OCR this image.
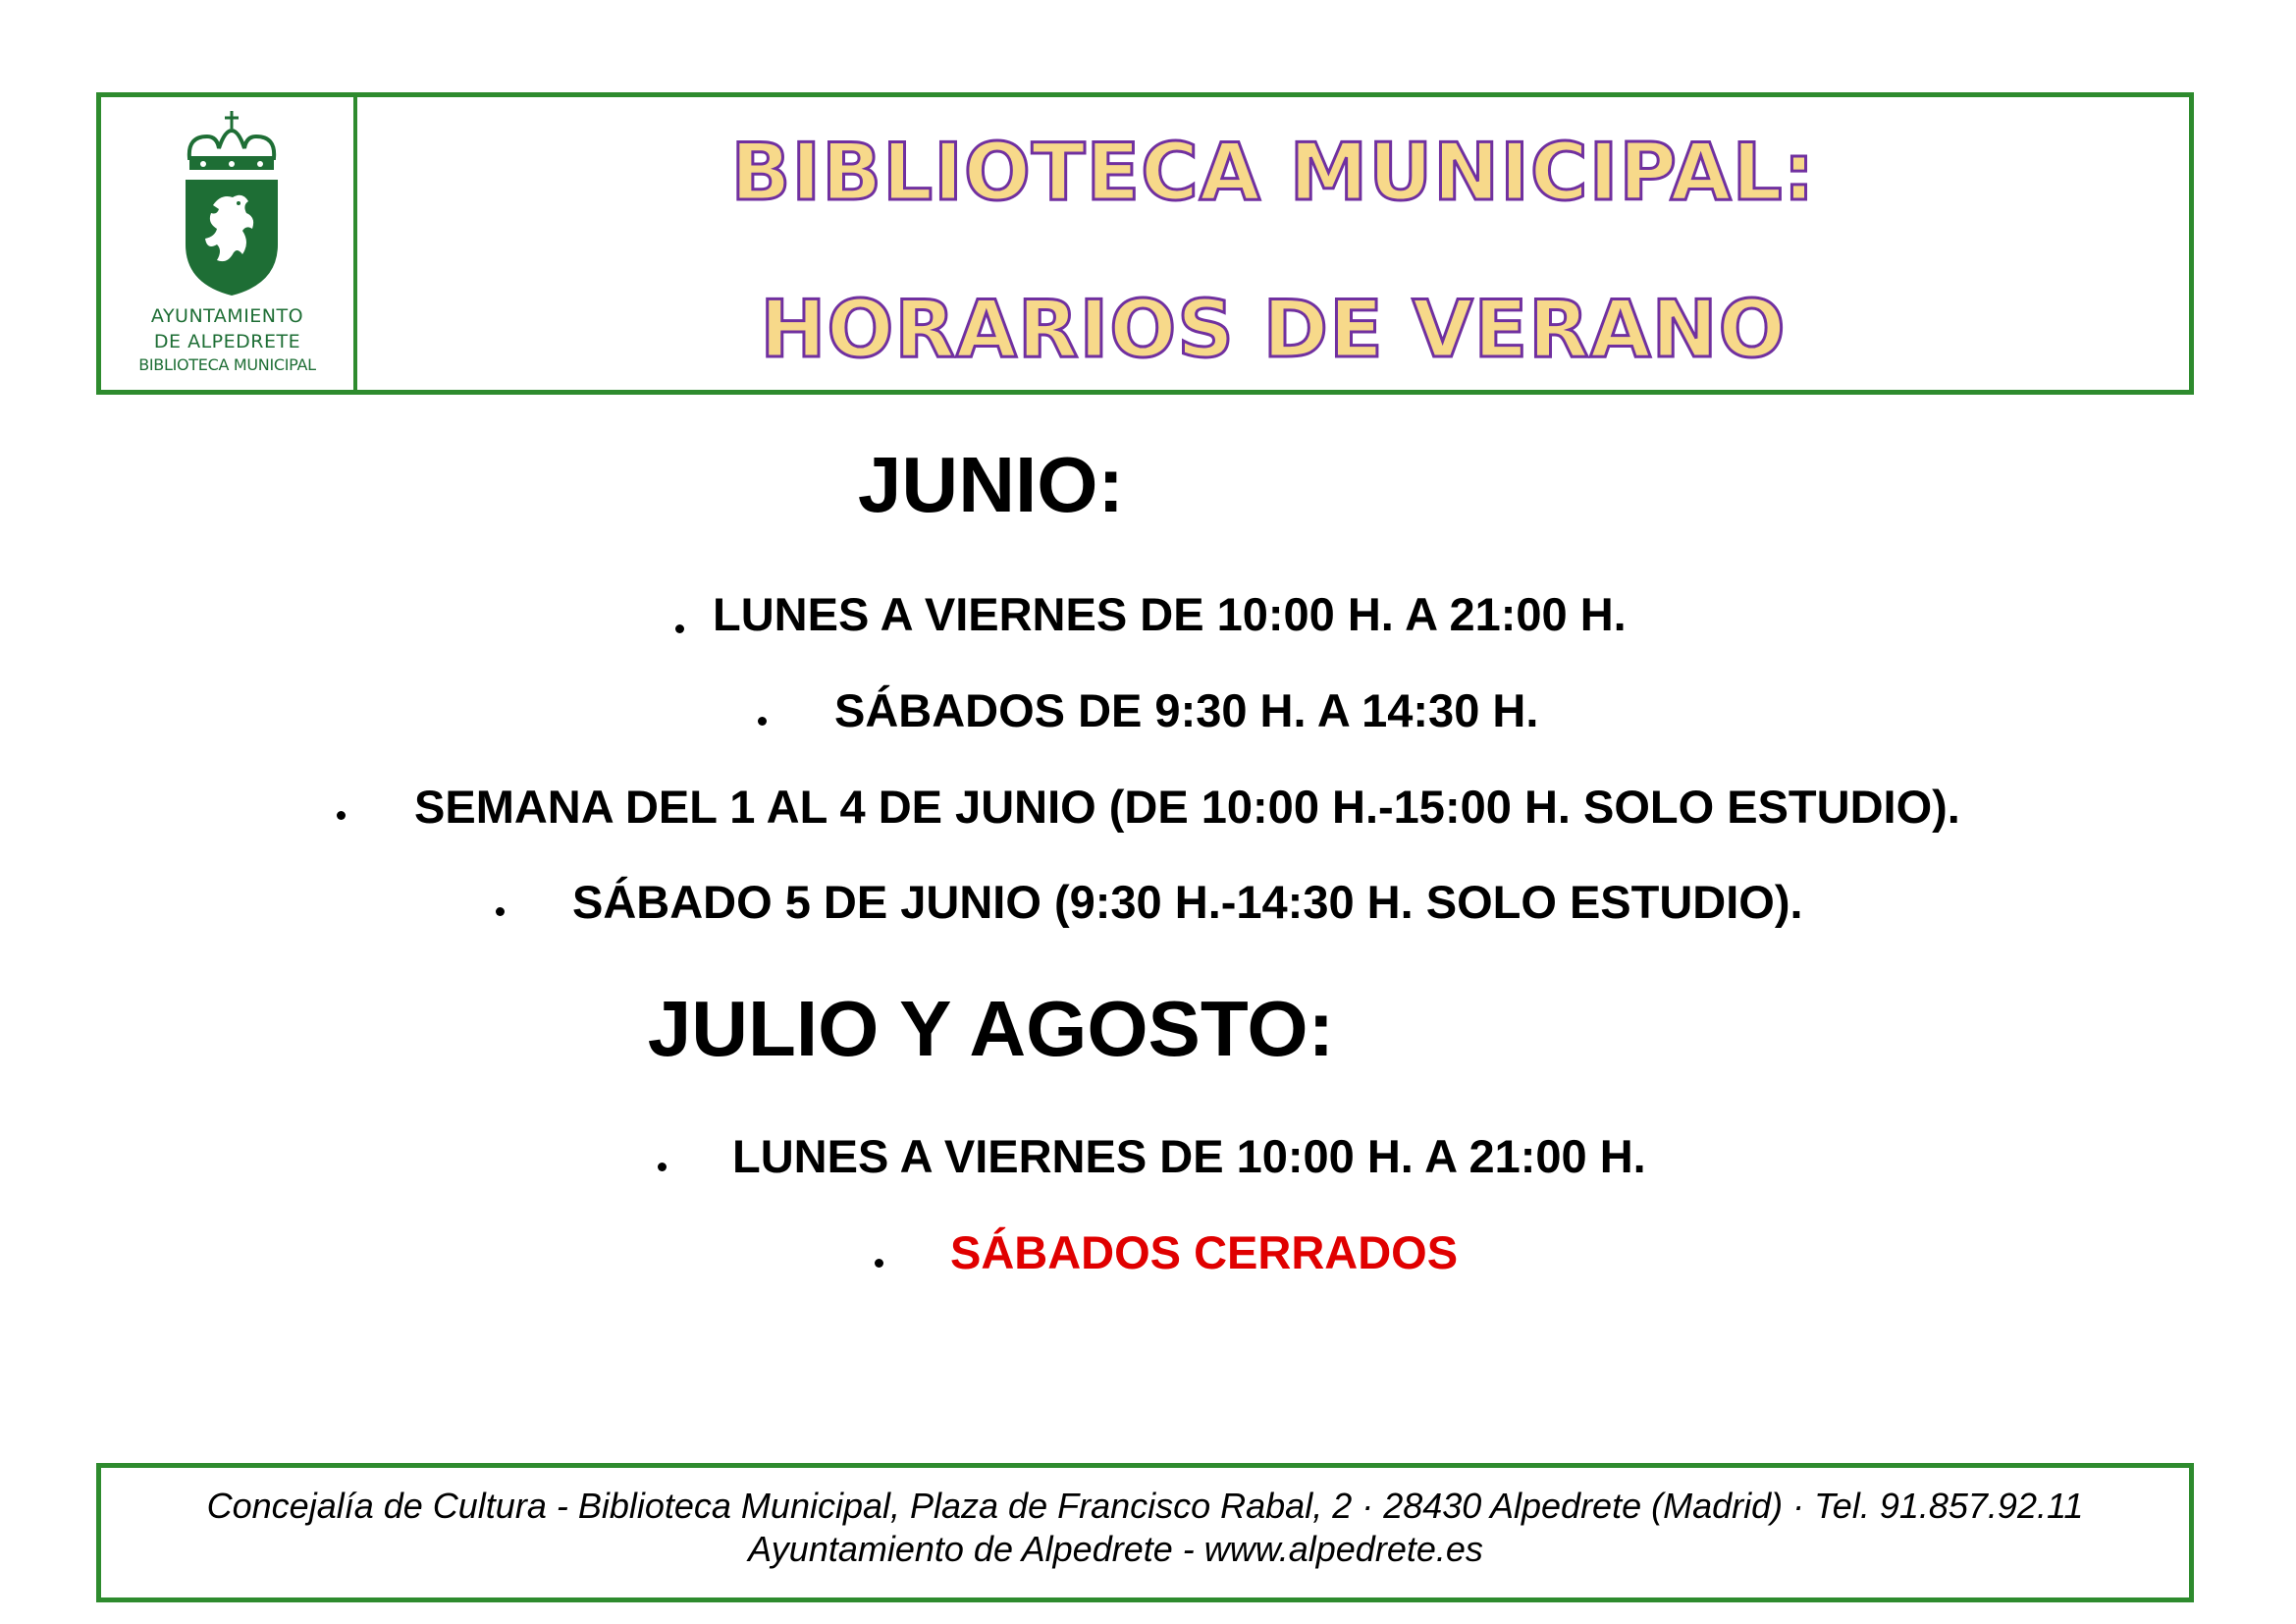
AYUNTAMIENTO
DE ALPEDRETE
BIBLIOTECA MUNICIPAL
BIBLIOTECA MUNICIPAL:
HORARIOS DE VERANO
JUNIO:
LUNES A VIERNES DE 10:00 H. A 21:00 H.
SÁBADOS DE 9:30 H. A 14:30 H.
SEMANA DEL 1 AL 4 DE JUNIO (DE 10:00 H.-15:00 H. SOLO ESTUDIO).
SÁBADO 5 DE JUNIO (9:30 H.-14:30 H. SOLO ESTUDIO).
JULIO Y AGOSTO:
LUNES A VIERNES DE 10:00 H. A 21:00 H.
SÁBADOS CERRADOS
Concejalía de Cultura - Biblioteca Municipal, Plaza de Francisco Rabal, 2 · 28430 Alpedrete (Madrid) · Tel. 91.857.92.11
Ayuntamiento de Alpedrete - www.alpedrete.es
